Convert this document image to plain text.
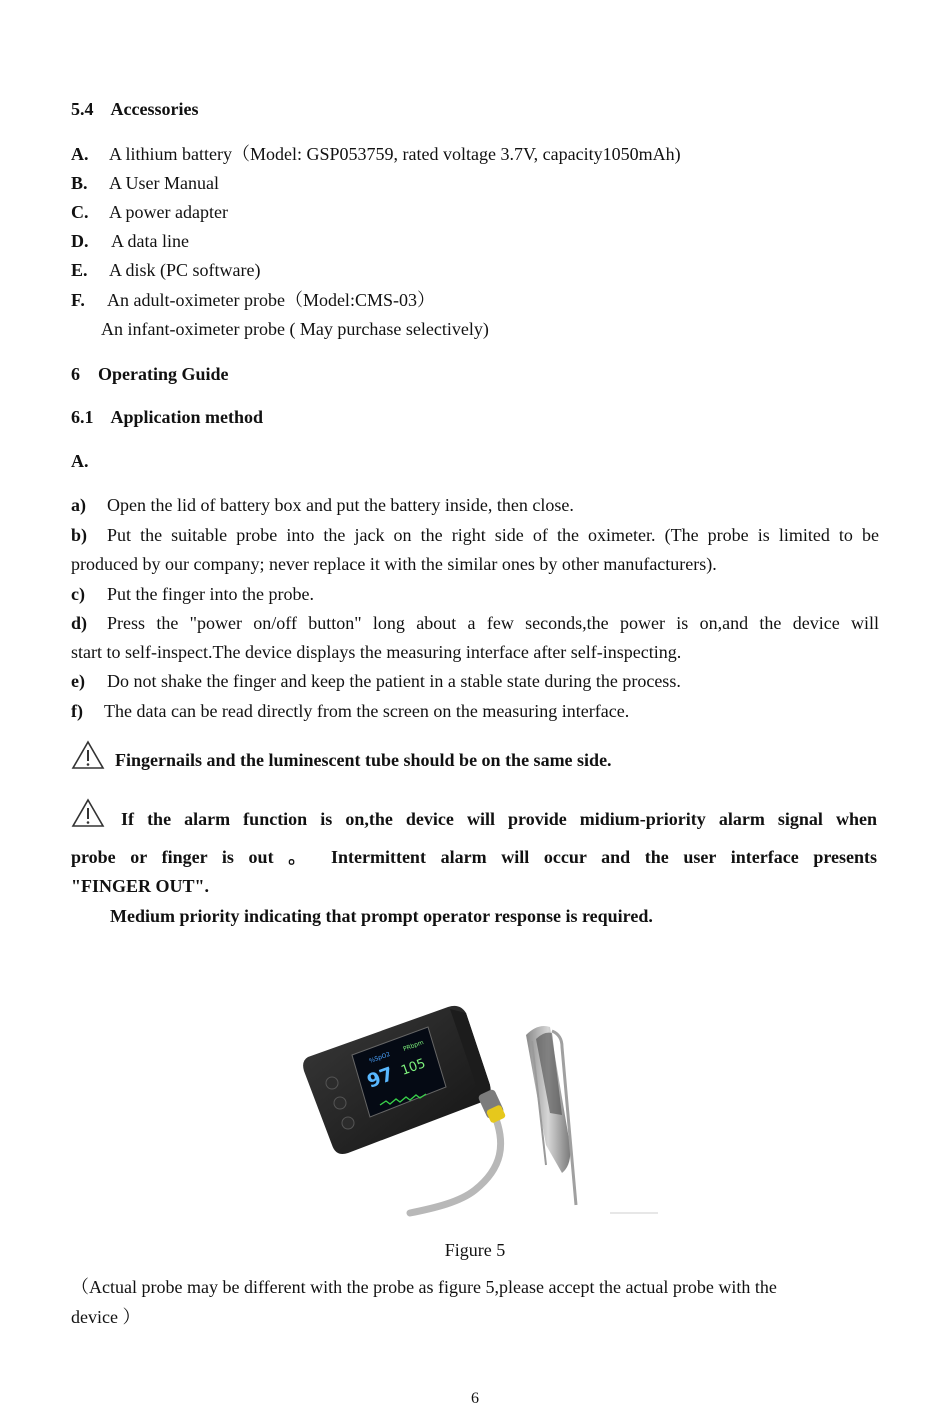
5.4 Accessories
A. A lithium battery（Model: GSP053759, rated voltage 3.7V, capacity1050mAh)
B. A User Manual
C. A power adapter
D. A data line
E. A disk (PC software)
F. An adult-oximeter probe（Model:CMS-03）
An infant-oximeter probe ( May purchase selectively)
6 Operating Guide
6.1 Application method
A.
a) Open the lid of battery box and put the battery inside, then close.
b) Put the suitable probe into the jack on the right side of the oximeter. (The probe is limited to be
produced by our company; never replace it with the similar ones by other manufacturers).
c) Put the finger into the probe.
d) Press the "power on/off button" long about a few seconds,the power is on,and the device will
start to self-inspect.The device displays the measuring interface after self-inspecting.
e) Do not shake the finger and keep the patient in a stable state during the process.
f) The data can be read directly from the screen on the measuring interface.
Fingernails and the luminescent tube should be on the same side.
If the alarm function is on,the device will provide midium-priority alarm signal when
probe or finger is out 。 Intermittent alarm will occur and the user interface presents
"FINGER OUT".
Medium priority indicating that prompt operator response is required.
%SpO2
PRbpm
97 105
Figure 5
（Actual probe may be different with the probe as figure 5,please accept the actual probe with the
device ）
6
